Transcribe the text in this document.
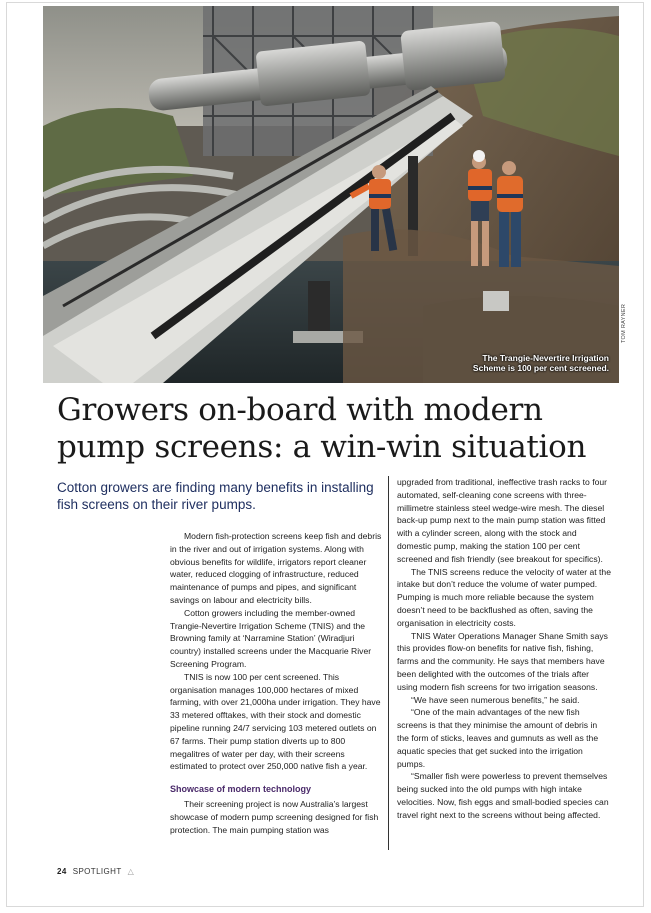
The Trangie-Nevertire Irrigation Scheme is 100 per cent screened.
TOM RAYNER
Growers on-board with modern pump screens: a win-win situation

Cotton growers are finding many benefits in installing fish screens on their river pumps.

Modern fish-protection screens keep fish and debris in the river and out of irrigation systems. Along with obvious benefits for wildlife, irrigators report cleaner water, reduced clogging of infrastructure, reduced maintenance of pumps and pipes, and significant savings on labour and electricity bills.

Cotton growers including the member-owned Trangie-Nevertire Irrigation Scheme (TNIS) and the Browning family at ‘Narramine Station’ (Wiradjuri country) installed screens under the Macquarie River Screening Program.

TNIS is now 100 per cent screened. This organisation manages 100,000 hectares of mixed farming, with over 21,000ha under irrigation. They have 33 metered offtakes, with their stock and domestic pipeline running 24/7 servicing 103 metered outlets on 67 farms. Their pump station diverts up to 800 megalitres of water per day, with their screens estimated to protect over 250,000 native fish a year.

Showcase of modern technology

Their screening project is now Australia’s largest showcase of modern pump screening designed for fish protection. The main pumping station was

upgraded from traditional, ineffective trash racks to four automated, self-cleaning cone screens with three-millimetre stainless steel wedge-wire mesh. The diesel back-up pump next to the main pump station was fitted with a cylinder screen, along with the stock and domestic pump, making the station 100 per cent screened and fish friendly (see breakout for specifics).

The TNIS screens reduce the velocity of water at the intake but don’t reduce the volume of water pumped. Pumping is much more reliable because the system doesn’t need to be backflushed as often, saving the organisation in electricity costs.

TNIS Water Operations Manager Shane Smith says this provides flow-on benefits for native fish, fishing, farms and the community. He says that members have been delighted with the outcomes of the trials after using modern fish screens for two irrigation seasons.

“We have seen numerous benefits,” he said.

“One of the main advantages of the new fish screens is that they minimise the amount of debris in the form of sticks, leaves and gumnuts as well as the aquatic species that get sucked into the irrigation pumps.

“Smaller fish were powerless to prevent themselves being sucked into the old pumps with high intake velocities. Now, fish eggs and small-bodied species can travel right next to the screens without being affected.

24 SPOTLIGHT △
